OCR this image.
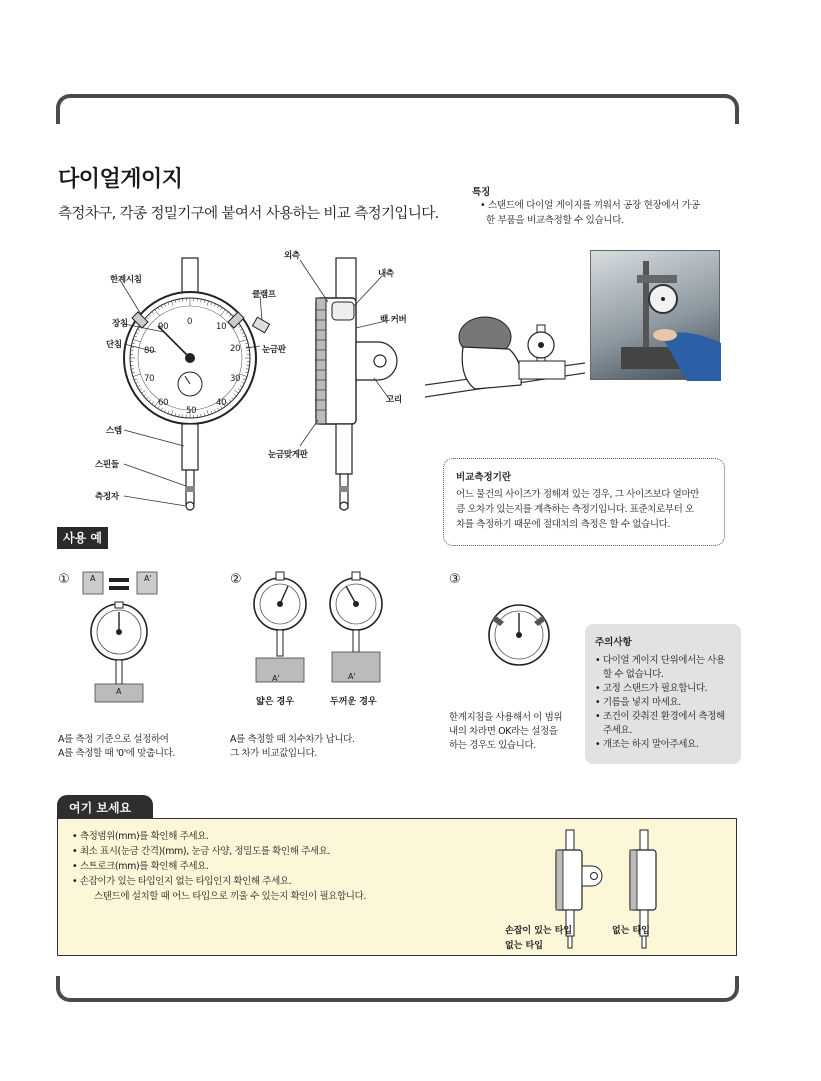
다이얼게이지
측정차구, 각종 정밀기구에 붙여서 사용하는 비교 측정기입니다.
특징
• 스탠드에 다이얼 게이지를 끼워서 공장 현장에서 가공
한 부품을 비교측정할 수 있습니다.
0	10
20
30
40
50
60
70
80
90
한계시침
장침
단침
스템
스핀들
측정자
클램프
눈금판
외측
내측
백 커버
고리
눈금맞게판
비교측정기란
어느 물건의 사이즈가 정해져 있는 경우, 그 사이즈보다 얼마만
큼 오차가 있는지를 계측하는 측정기입니다. 표준치로부터 오
차를 측정하기 때문에 절대치의 측정은 할 수 없습니다.
사용 예
①	A	A'
A
A를 측정 기준으로 설정하여
A를 측정할 때 '0'에 맞춥니다.
②
A'	A'
얇은 경우	두꺼운 경우
A를 측정할 때 치수차가 납니다.
그 차가 비교값입니다.
③
한계지침을 사용해서 이 범위
내의 차라면 OK라는 설정을
하는 경우도 있습니다.
주의사항
• 다이얼 게이지 단위에서는 사용할 수 없습니다.
• 고정 스탠드가 필요합니다.
• 기름을 넣지 마세요.
• 조건이 갖춰진 환경에서 측정해 주세요.
• 개조는 하지 말아주세요.
여기 보세요
• 측정범위(mm)를 확인해 주세요.
• 최소 표시(눈금 간격)(mm), 눈금 사양, 정밀도를 확인해 주세요.
• 스트로크(mm)를 확인해 주세요.
• 손잡이가 있는 타입인지 없는 타입인지 확인해 주세요.
스탠드에 설치할 때 어느 타입으로 끼울 수 있는지 확인이 필요합니다.
손잡이 있는 타입
없는 타입
없는 타입
